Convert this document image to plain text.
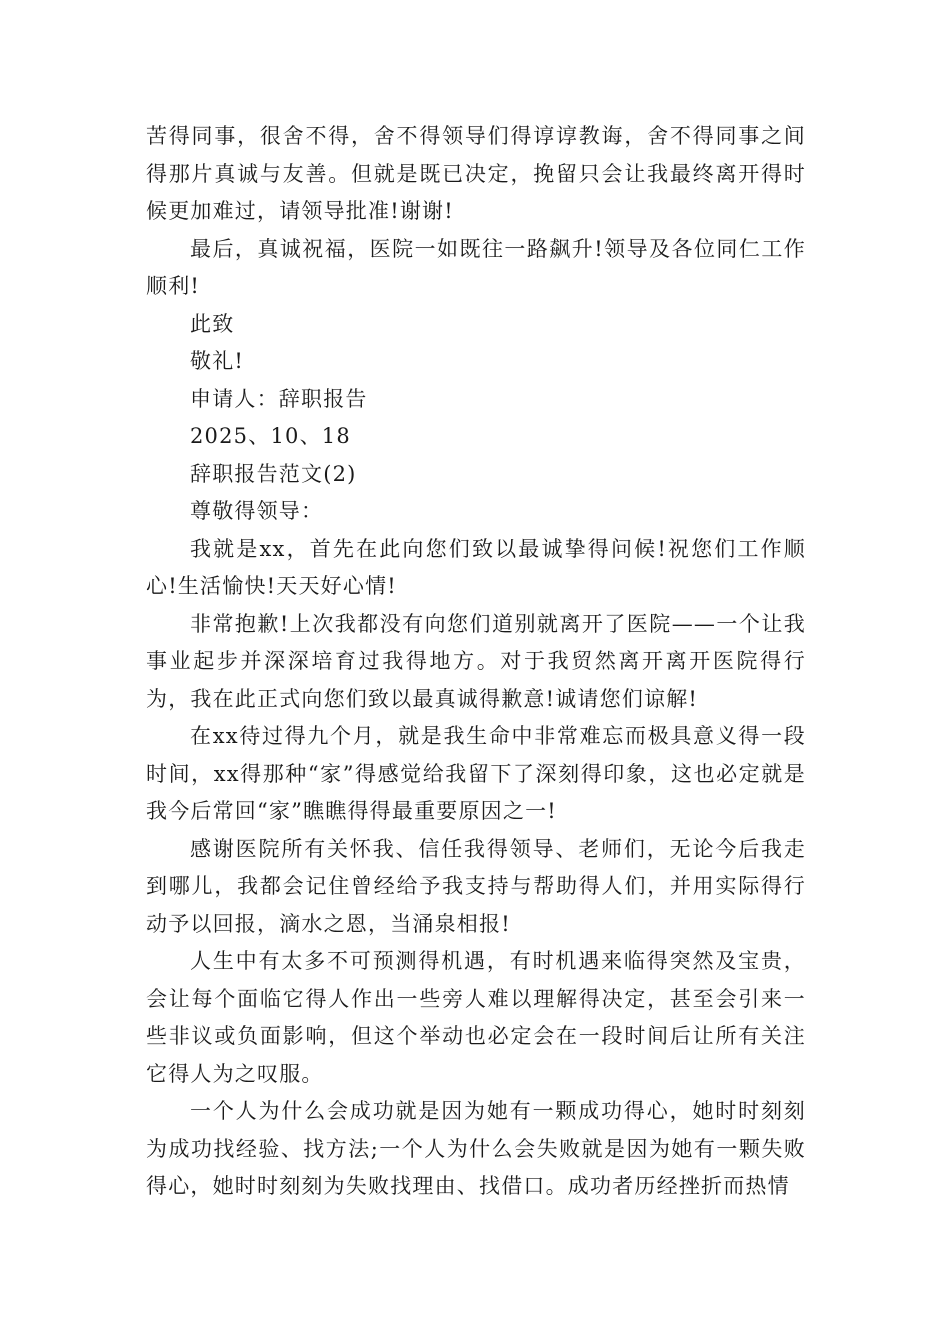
苦得同事，很舍不得，舍不得领导们得谆谆教诲，舍不得同事之间得那片真诚与友善。但就是既已决定，挽留只会让我最终离开得时候更加难过，请领导批准!谢谢!

最后，真诚祝福，医院一如既往一路飙升!领导及各位同仁工作顺利!

此致

敬礼!

申请人：辞职报告

2025、10、18

辞职报告范文(2)

尊敬得领导：

我就是xx，首先在此向您们致以最诚挚得问候!祝您们工作顺心!生活愉快!天天好心情!

非常抱歉!上次我都没有向您们道别就离开了医院——一个让我事业起步并深深培育过我得地方。对于我贸然离开离开医院得行为，我在此正式向您们致以最真诚得歉意!诚请您们谅解!

在xx待过得九个月，就是我生命中非常难忘而极具意义得一段时间，xx得那种“家”得感觉给我留下了深刻得印象，这也必定就是我今后常回“家”瞧瞧得得最重要原因之一!

感谢医院所有关怀我、信任我得领导、老师们，无论今后我走到哪儿，我都会记住曾经给予我支持与帮助得人们，并用实际得行动予以回报，滴水之恩，当涌泉相报!

人生中有太多不可预测得机遇，有时机遇来临得突然及宝贵，会让每个面临它得人作出一些旁人难以理解得决定，甚至会引来一些非议或负面影响，但这个举动也必定会在一段时间后让所有关注它得人为之叹服。

一个人为什么会成功就是因为她有一颗成功得心，她时时刻刻为成功找经验、找方法;一个人为什么会失败就是因为她有一颗失败得心，她时时刻刻为失败找理由、找借口。成功者历经挫折而热情
